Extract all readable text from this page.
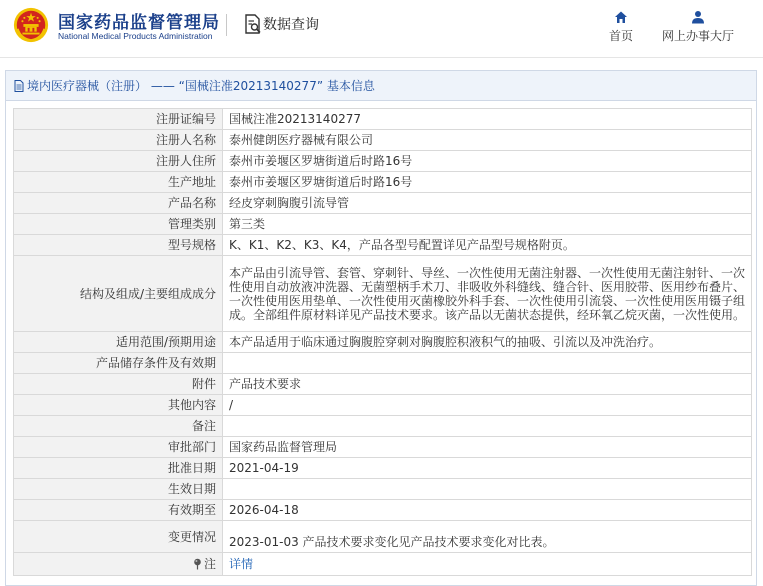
国家药品监督管理局
National Medical Products Administration
数据查询
首页	网上办事大厅
境内医疗器械（注册） —— “国械注准20213140277” 基本信息
注册证编号	国械注准20213140277
注册人名称	泰州健朗医疗器械有限公司
注册人住所	泰州市姜堰区罗塘街道后时路16号
生产地址	泰州市姜堰区罗塘街道后时路16号
产品名称	经皮穿刺胸腹引流导管
管理类别	第三类
型号规格	K、K1、K2、K3、K4，产品各型号配置详见产品型号规格附页。
结构及组成/主要组成成分	本产品由引流导管、套管、穿刺针、导丝、一次性使用无菌注射器、一次性使用无菌注射针、一次性使用自动放液冲洗器、无菌塑柄手术刀、非吸收外科缝线、缝合针、医用胶带、医用纱布叠片、一次性使用医用垫单、一次性使用灭菌橡胶外科手套、一次性使用引流袋、一次性使用医用镊子组成。全部组件原材料详见产品技术要求。该产品以无菌状态提供，经环氧乙烷灭菌，一次性使用。
适用范围/预期用途	本产品适用于临床通过胸腹腔穿刺对胸腹腔积液积气的抽吸、引流以及冲洗治疗。
产品储存条件及有效期	
附件	产品技术要求
其他内容	/
备注	
审批部门	国家药品监督管理局
批准日期	2021-04-19
生效日期	
有效期至	2026-04-18
变更情况	2023-01-03 产品技术要求变化见产品技术要求变化对比表。
注	详情
